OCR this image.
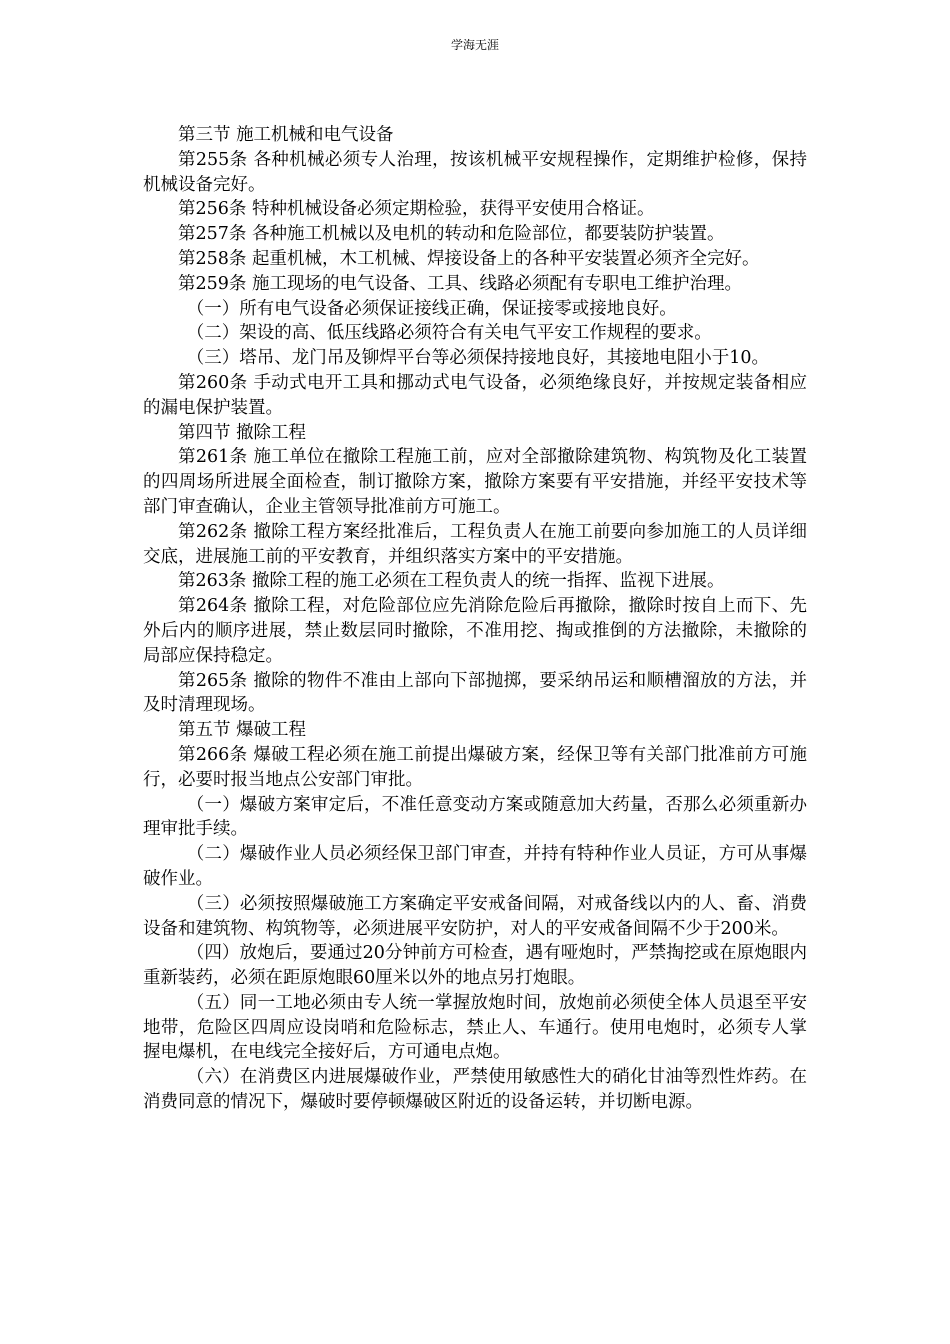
学海无涯

第三节 施工机械和电气设备

第255条 各种机械必须专人治理，按该机械平安规程操作，定期维护检修，保持机械设备完好。

第256条 特种机械设备必须定期检验，获得平安使用合格证。

第257条 各种施工机械以及电机的转动和危险部位，都要装防护装置。

第258条 起重机械，木工机械、焊接设备上的各种平安装置必须齐全完好。

第259条 施工现场的电气设备、工具、线路必须配有专职电工维护治理。

（一）所有电气设备必须保证接线正确，保证接零或接地良好。

（二）架设的高、低压线路必须符合有关电气平安工作规程的要求。

（三）塔吊、龙门吊及铆焊平台等必须保持接地良好，其接地电阻小于10。

第260条 手动式电开工具和挪动式电气设备，必须绝缘良好，并按规定装备相应的漏电保护装置。

第四节 撤除工程

第261条 施工单位在撤除工程施工前，应对全部撤除建筑物、构筑物及化工装置的四周场所进展全面检查，制订撤除方案，撤除方案要有平安措施，并经平安技术等部门审查确认，企业主管领导批准前方可施工。

第262条 撤除工程方案经批准后，工程负责人在施工前要向参加施工的人员详细交底，进展施工前的平安教育，并组织落实方案中的平安措施。

第263条 撤除工程的施工必须在工程负责人的统一指挥、监视下进展。

第264条 撤除工程，对危险部位应先消除危险后再撤除，撤除时按自上而下、先外后内的顺序进展，禁止数层同时撤除，不准用挖、掏或推倒的方法撤除，未撤除的局部应保持稳定。

第265条 撤除的物件不准由上部向下部抛掷，要采纳吊运和顺槽溜放的方法，并及时清理现场。

第五节 爆破工程

第266条 爆破工程必须在施工前提出爆破方案，经保卫等有关部门批准前方可施行，必要时报当地点公安部门审批。

（一）爆破方案审定后，不准任意变动方案或随意加大药量，否那么必须重新办理审批手续。

（二）爆破作业人员必须经保卫部门审查，并持有特种作业人员证，方可从事爆破作业。

（三）必须按照爆破施工方案确定平安戒备间隔，对戒备线以内的人、畜、消费设备和建筑物、构筑物等，必须进展平安防护，对人的平安戒备间隔不少于200米。

（四）放炮后，要通过20分钟前方可检查，遇有哑炮时，严禁掏挖或在原炮眼内重新装药，必须在距原炮眼60厘米以外的地点另打炮眼。

（五）同一工地必须由专人统一掌握放炮时间，放炮前必须使全体人员退至平安地带，危险区四周应设岗哨和危险标志，禁止人、车通行。使用电炮时，必须专人掌握电爆机，在电线完全接好后，方可通电点炮。

（六）在消费区内进展爆破作业，严禁使用敏感性大的硝化甘油等烈性炸药。在消费同意的情况下，爆破时要停顿爆破区附近的设备运转，并切断电源。
